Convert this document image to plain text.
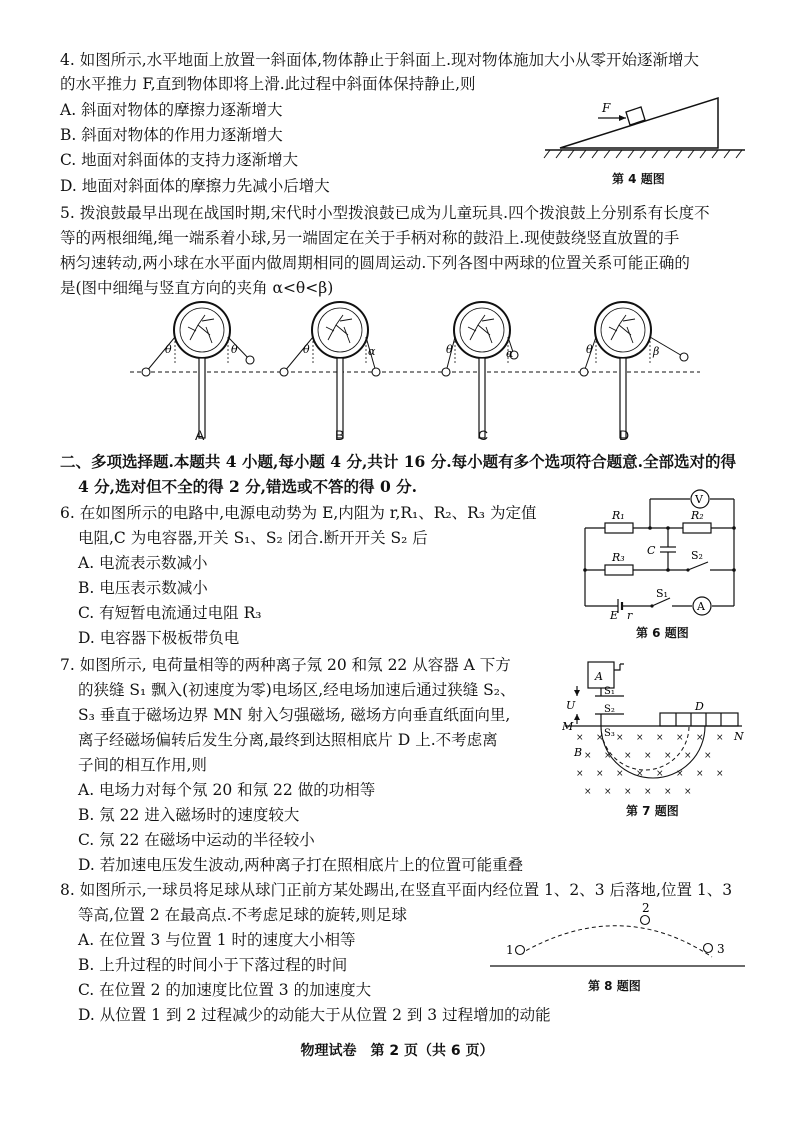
4. 如图所示,水平地面上放置一斜面体,物体静止于斜面上.现对物体施加大小从零开始逐渐增大
的水平推力 F,直到物体即将上滑.此过程中斜面体保持静止,则
A. 斜面对物体的摩擦力逐渐增大
B. 斜面对物体的作用力逐渐增大
C. 地面对斜面体的支持力逐渐增大
D. 地面对斜面体的摩擦力先减小后增大
F
第 4 题图
5. 拨浪鼓最早出现在战国时期,宋代时小型拨浪鼓已成为儿童玩具.四个拨浪鼓上分别系有长度不
等的两根细绳,绳一端系着小球,另一端固定在关于手柄对称的鼓沿上.现使鼓绕竖直放置的手
柄匀速转动,两小球在水平面内做周期相同的圆周运动.下列各图中两球的位置关系可能正确的
是(图中细绳与竖直方向的夹角 α<θ<β)
θ	θ	θ	α	θ	α	θ	β
A	B	C	D
二、多项选择题.本题共 4 小题,每小题 4 分,共计 16 分.每小题有多个选项符合题意.全部选对的得
4 分,选对但不全的得 2 分,错选或不答的得 0 分.
6. 在如图所示的电路中,电源电动势为 E,内阻为 r,R₁、R₂、R₃ 为定值
电阻,C 为电容器,开关 S₁、S₂ 闭合.断开开关 S₂ 后
A. 电流表示数减小
B. 电压表示数减小
C. 有短暂电流通过电阻 R₃
D. 电容器下极板带负电
V
R₁	R₂
R₃
C	S₂
E r
S₁
A
第 6 题图
7. 如图所示, 电荷量相等的两种离子氖 20 和氖 22 从容器 A 下方
的狭缝 S₁ 飘入(初速度为零)电场区,经电场加速后通过狭缝 S₂、
S₃ 垂直于磁场边界 MN 射入匀强磁场, 磁场方向垂直纸面向里,
离子经磁场偏转后发生分离,最终到达照相底片 D 上.不考虑离
子间的相互作用,则
A. 电场力对每个氖 20 和氖 22 做的功相等
B. 氖 22 进入磁场时的速度较大
C. 氖 22 在磁场中运动的半径较小
D. 若加速电压发生波动,两种离子打在照相底片上的位置可能重叠
× × × × × × × ×
× × × × × × ×
× × × × × × × ×
× × × × × ×
A
U
S₁
S₂
S₃
D
M
N
B
第 7 题图
8. 如图所示,一球员将足球从球门正前方某处踢出,在竖直平面内经位置 1、2、3 后落地,位置 1、3
等高,位置 2 在最高点.不考虑足球的旋转,则足球
A. 在位置 3 与位置 1 时的速度大小相等
B. 上升过程的时间小于下落过程的时间
C. 在位置 2 的加速度比位置 3 的加速度大
D. 从位置 1 到 2 过程减少的动能大于从位置 2 到 3 过程增加的动能
1
2
3
第 8 题图
物理试卷　第 2 页（共 6 页）
